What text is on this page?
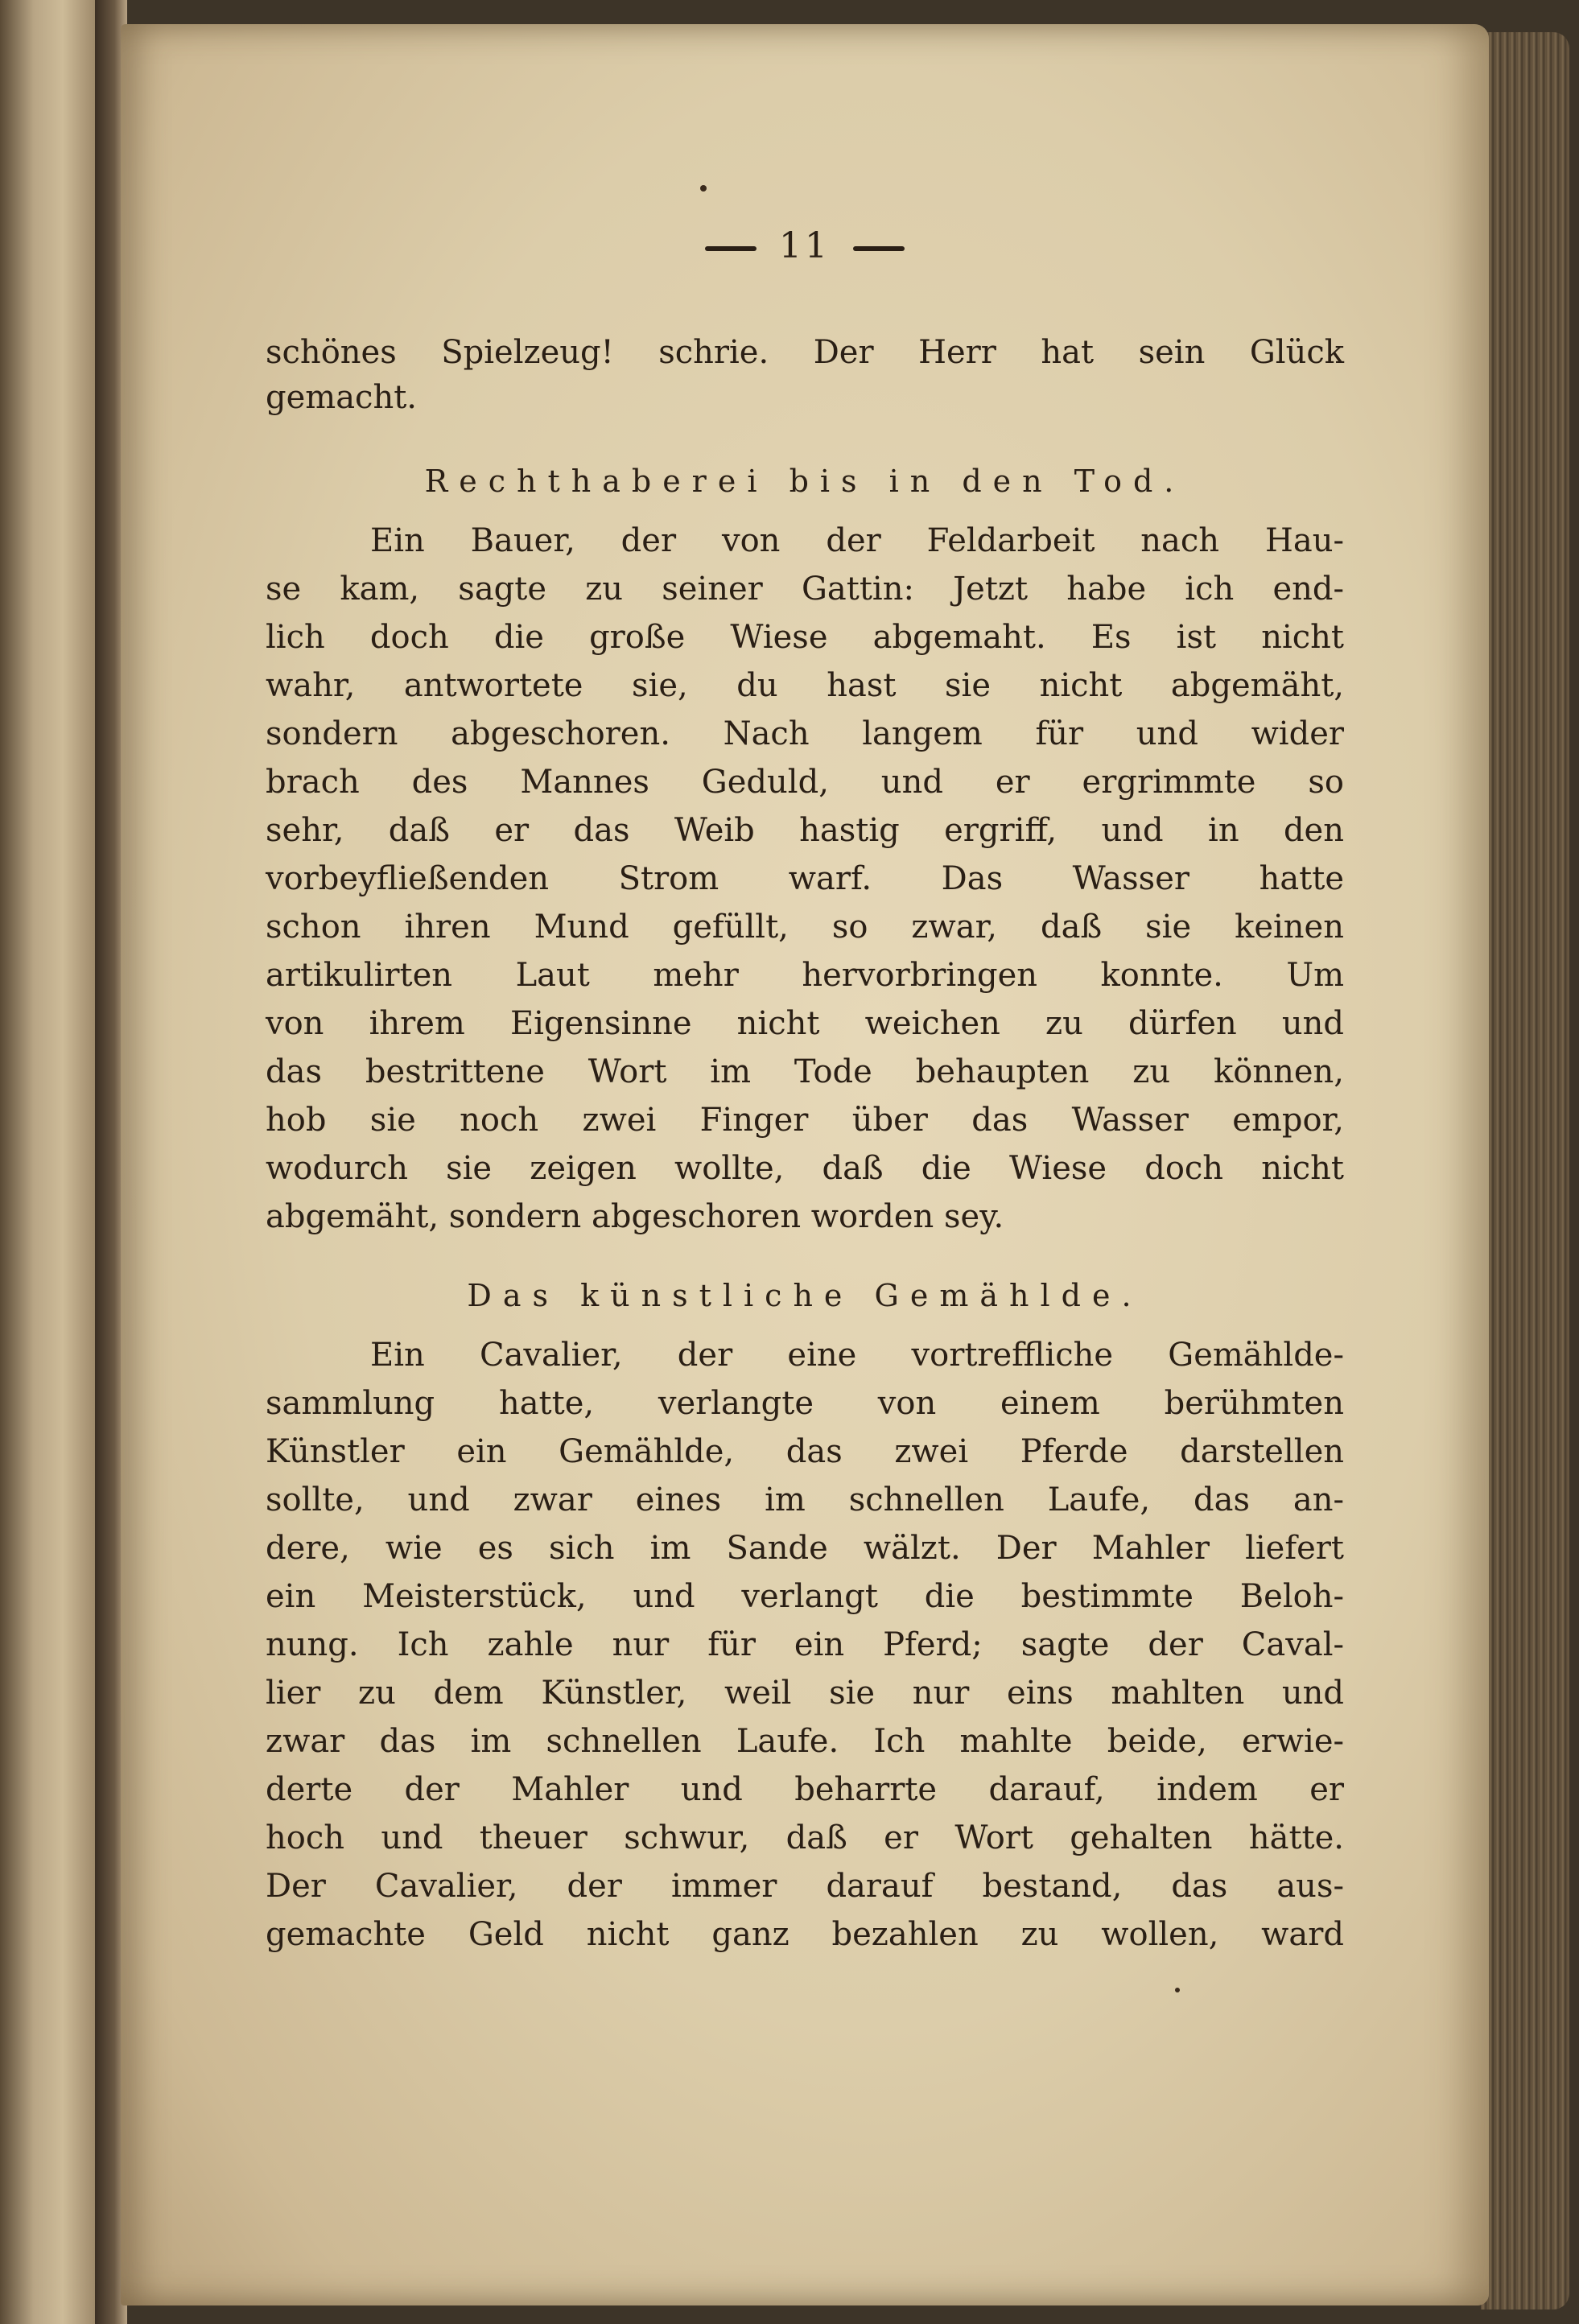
11
schönes Spielzeug! schrie. Der Herr hat sein Glück
gemacht.
Rechthaberei bis in den Tod.
Ein Bauer, der von der Feldarbeit nach Hau-
se kam, sagte zu seiner Gattin: Jetzt habe ich end-
lich doch die große Wiese abgemaht. Es ist nicht
wahr, antwortete sie, du hast sie nicht abgemäht,
sondern abgeschoren. Nach langem für und wider
brach des Mannes Geduld, und er ergrimmte so
sehr, daß er das Weib hastig ergriff, und in den
vorbeyfließenden Strom warf. Das Wasser hatte
schon ihren Mund gefüllt, so zwar, daß sie keinen
artikulirten Laut mehr hervorbringen konnte. Um
von ihrem Eigensinne nicht weichen zu dürfen und
das bestrittene Wort im Tode behaupten zu können,
hob sie noch zwei Finger über das Wasser empor,
wodurch sie zeigen wollte, daß die Wiese doch nicht
abgemäht, sondern abgeschoren worden sey.
Das künstliche Gemählde.
Ein Cavalier, der eine vortreffliche Gemählde-
sammlung hatte, verlangte von einem berühmten
Künstler ein Gemählde, das zwei Pferde darstellen
sollte, und zwar eines im schnellen Laufe, das an-
dere, wie es sich im Sande wälzt. Der Mahler liefert
ein Meisterstück, und verlangt die bestimmte Beloh-
nung. Ich zahle nur für ein Pferd; sagte der Caval-
lier zu dem Künstler, weil sie nur eins mahlten und
zwar das im schnellen Laufe. Ich mahlte beide, erwie-
derte der Mahler und beharrte darauf, indem er
hoch und theuer schwur, daß er Wort gehalten hätte.
Der Cavalier, der immer darauf bestand, das aus-
gemachte Geld nicht ganz bezahlen zu wollen, ward
